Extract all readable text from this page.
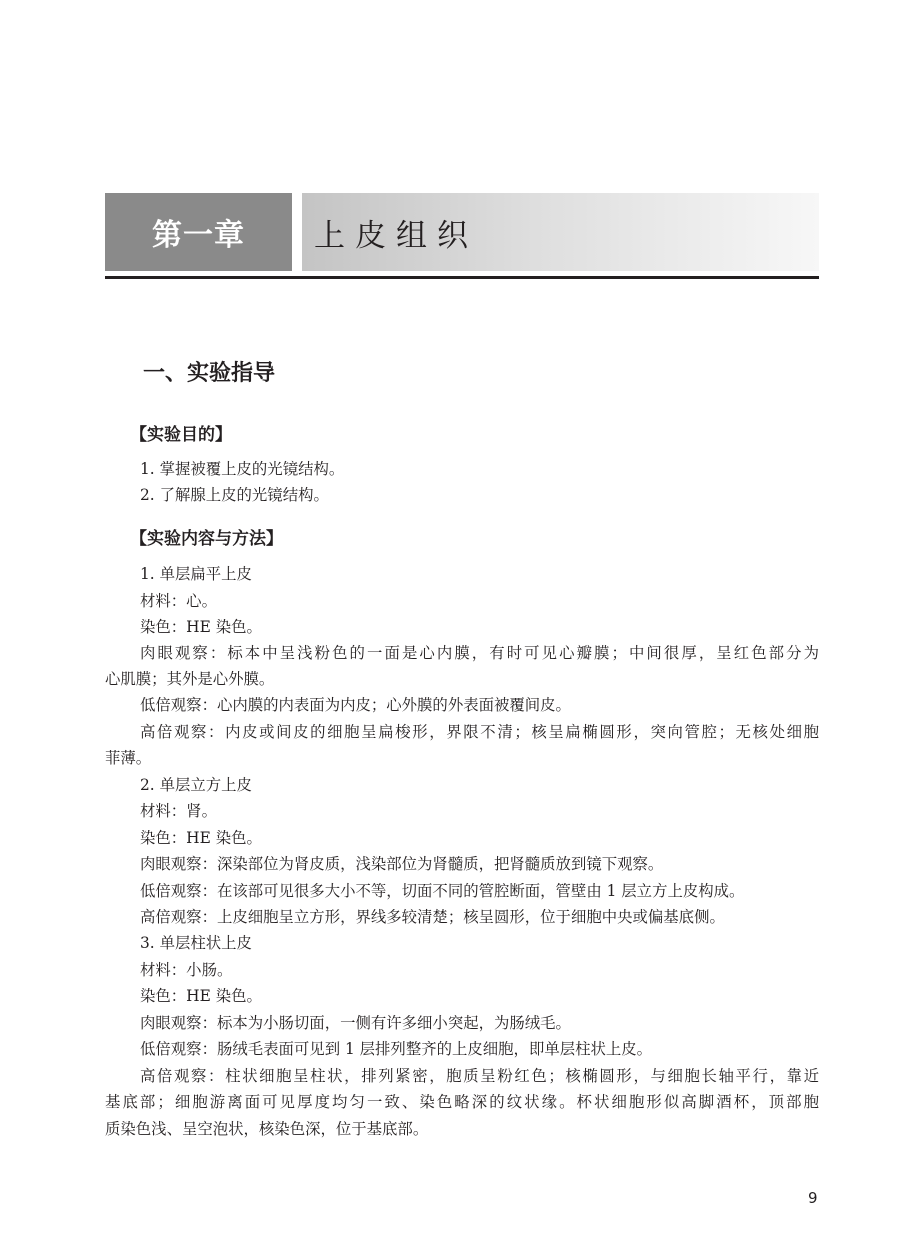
第一章 上皮组织
一、实验指导
【实验目的】

1. 掌握被覆上皮的光镜结构。

2. 了解腺上皮的光镜结构。

【实验内容与方法】

1. 单层扁平上皮

材料：心。

染色：HE 染色。

肉眼观察：标本中呈浅粉色的一面是心内膜，有时可见心瓣膜；中间很厚，呈红色部分为

心肌膜；其外是心外膜。

低倍观察：心内膜的内表面为内皮；心外膜的外表面被覆间皮。

高倍观察：内皮或间皮的细胞呈扁梭形，界限不清；核呈扁椭圆形，突向管腔；无核处细胞

菲薄。

2. 单层立方上皮

材料：肾。

染色：HE 染色。

肉眼观察：深染部位为肾皮质，浅染部位为肾髓质，把肾髓质放到镜下观察。

低倍观察：在该部可见很多大小不等，切面不同的管腔断面，管壁由 1 层立方上皮构成。

高倍观察：上皮细胞呈立方形，界线多较清楚；核呈圆形，位于细胞中央或偏基底侧。

3. 单层柱状上皮

材料：小肠。

染色：HE 染色。

肉眼观察：标本为小肠切面，一侧有许多细小突起，为肠绒毛。

低倍观察：肠绒毛表面可见到 1 层排列整齐的上皮细胞，即单层柱状上皮。

高倍观察：柱状细胞呈柱状，排列紧密，胞质呈粉红色；核椭圆形，与细胞长轴平行，靠近

基底部；细胞游离面可见厚度均匀一致、染色略深的纹状缘。杯状细胞形似高脚酒杯，顶部胞

质染色浅、呈空泡状，核染色深，位于基底部。

9
